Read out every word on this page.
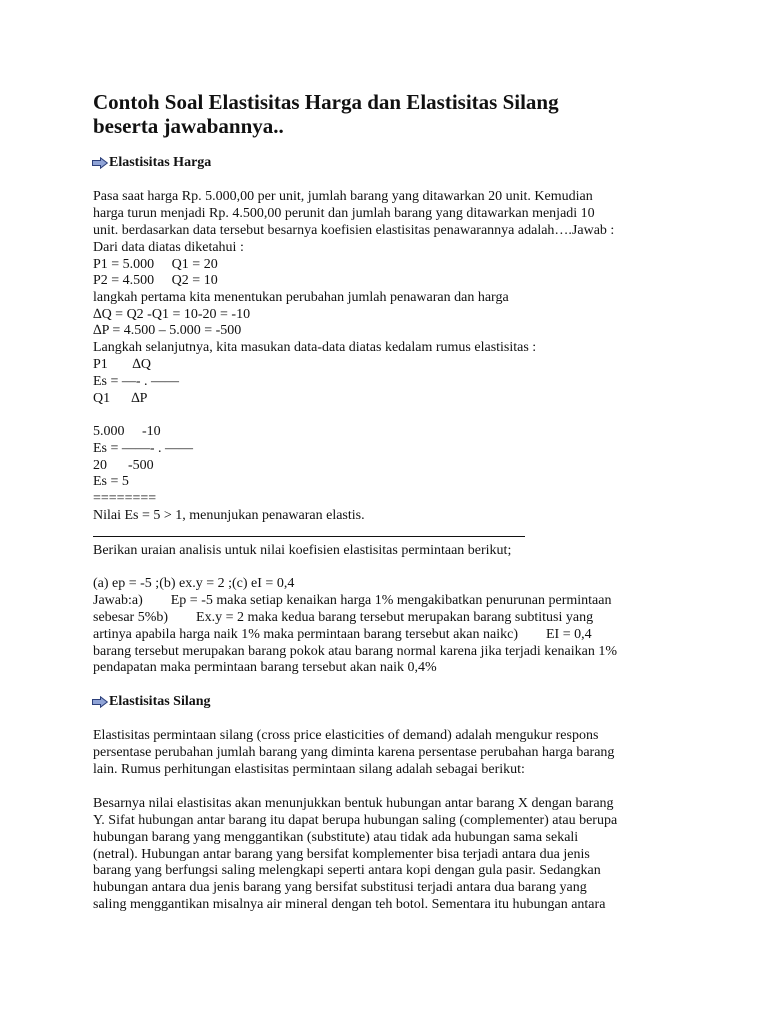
Contoh Soal Elastisitas Harga dan Elastisitas Silang
beserta jawabannya..
Elastisitas Harga

Pasa saat harga Rp. 5.000,00 per unit, jumlah barang yang ditawarkan 20 unit. Kemudian

harga turun menjadi Rp. 4.500,00 perunit dan jumlah barang yang ditawarkan menjadi 10

unit. berdasarkan data tersebut besarnya koefisien elastisitas penawarannya adalah….Jawab :

Dari data diatas diketahui :

P1 = 5.000     Q1 = 20

P2 = 4.500     Q2 = 10

langkah pertama kita menentukan perubahan jumlah penawaran dan harga

∆Q = Q2 -Q1 = 10-20 = -10

∆P = 4.500 – 5.000 = -500

Langkah selanjutnya, kita masukan data-data diatas kedalam rumus elastisitas :

P1       ∆Q

Es = —- . ——

Q1      ∆P

5.000     -10

Es = ——- . ——

20      -500

Es = 5

========

Nilai Es = 5 > 1, menunjukan penawaran elastis.

Berikan uraian analisis untuk nilai koefisien elastisitas permintaan berikut;

(a) ep = -5 ;(b) ex.y = 2 ;(c) eI = 0,4

Jawab:a)        Ep = -5 maka setiap kenaikan harga 1% mengakibatkan penurunan permintaan

sebesar 5%b)        Ex.y = 2 maka kedua barang tersebut merupakan barang subtitusi yang

artinya apabila harga naik 1% maka permintaan barang tersebut akan naikc)        EI = 0,4

barang tersebut merupakan barang pokok atau barang normal karena jika terjadi kenaikan 1%

pendapatan maka permintaan barang tersebut akan naik 0,4%

Elastisitas Silang

Elastisitas permintaan silang (cross price elasticities of demand) adalah mengukur respons

persentase perubahan jumlah barang yang diminta karena persentase perubahan harga barang

lain. Rumus perhitungan elastisitas permintaan silang adalah sebagai berikut:

Besarnya nilai elastisitas akan menunjukkan bentuk hubungan antar barang X dengan barang

Y. Sifat hubungan antar barang itu dapat berupa hubungan saling (complementer) atau berupa

hubungan barang yang menggantikan (substitute) atau tidak ada hubungan sama sekali

(netral). Hubungan antar barang yang bersifat komplementer bisa terjadi antara dua jenis

barang yang berfungsi saling melengkapi seperti antara kopi dengan gula pasir. Sedangkan

hubungan antara dua jenis barang yang bersifat substitusi terjadi antara dua barang yang

saling menggantikan misalnya air mineral dengan teh botol. Sementara itu hubungan antara
